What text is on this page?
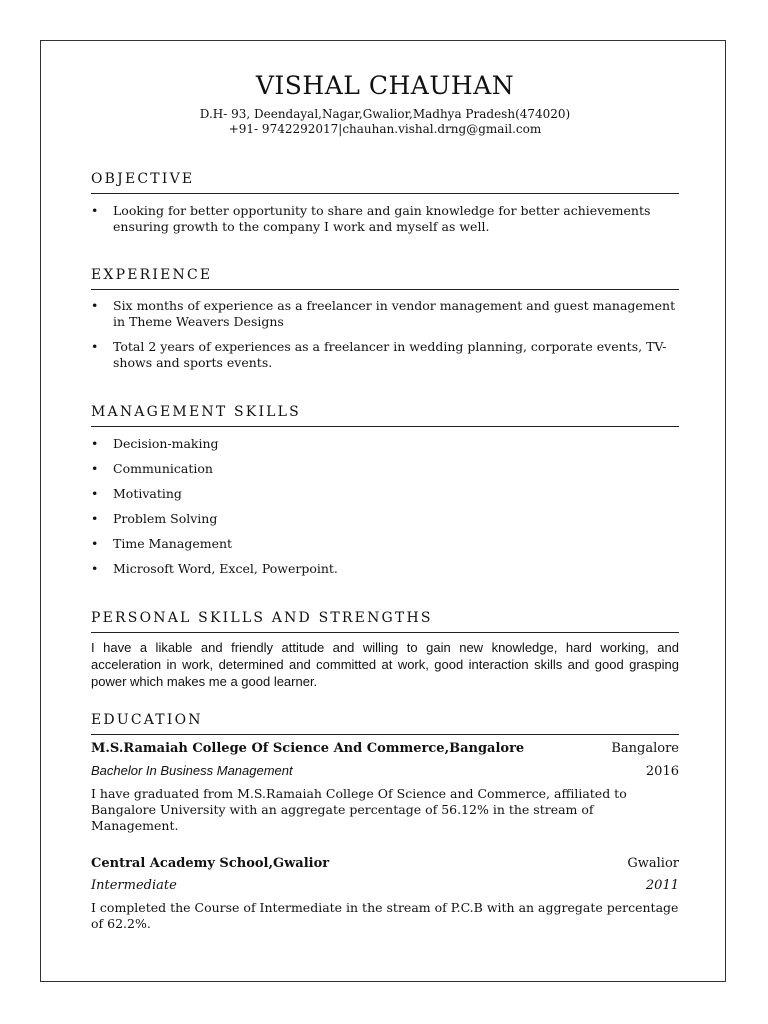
VISHAL CHAUHAN
D.H- 93, Deendayal,Nagar,Gwalior,Madhya Pradesh(474020)
+91- 9742292017|chauhan.vishal.drng@gmail.com
OBJECTIVE
• Looking for better opportunity to share and gain knowledge for better achievements ensuring growth to the company I work and myself as well.
EXPERIENCE
• Six months of experience as a freelancer in vendor management and guest management in Theme Weavers Designs
• Total 2 years of experiences as a freelancer in wedding planning, corporate events, TV-shows and sports events.
MANAGEMENT SKILLS
• Decision-making
• Communication
• Motivating
• Problem Solving
• Time Management
• Microsoft Word, Excel, Powerpoint.
PERSONAL SKILLS AND STRENGTHS
I have a likable and friendly attitude and willing to gain new knowledge, hard working, and acceleration in work, determined and committed at work, good interaction skills and good grasping power which makes me a good learner.
EDUCATION
M.S.Ramaiah College Of Science And Commerce,Bangalore	Bangalore
Bachelor In Business Management	2016
I have graduated from M.S.Ramaiah College Of Science and Commerce, affiliated to Bangalore University with an aggregate percentage of 56.12% in the stream of Management.
Central Academy School,Gwalior	Gwalior
Intermediate	2011
I completed the Course of Intermediate in the stream of P.C.B with an aggregate percentage of 62.2%.
